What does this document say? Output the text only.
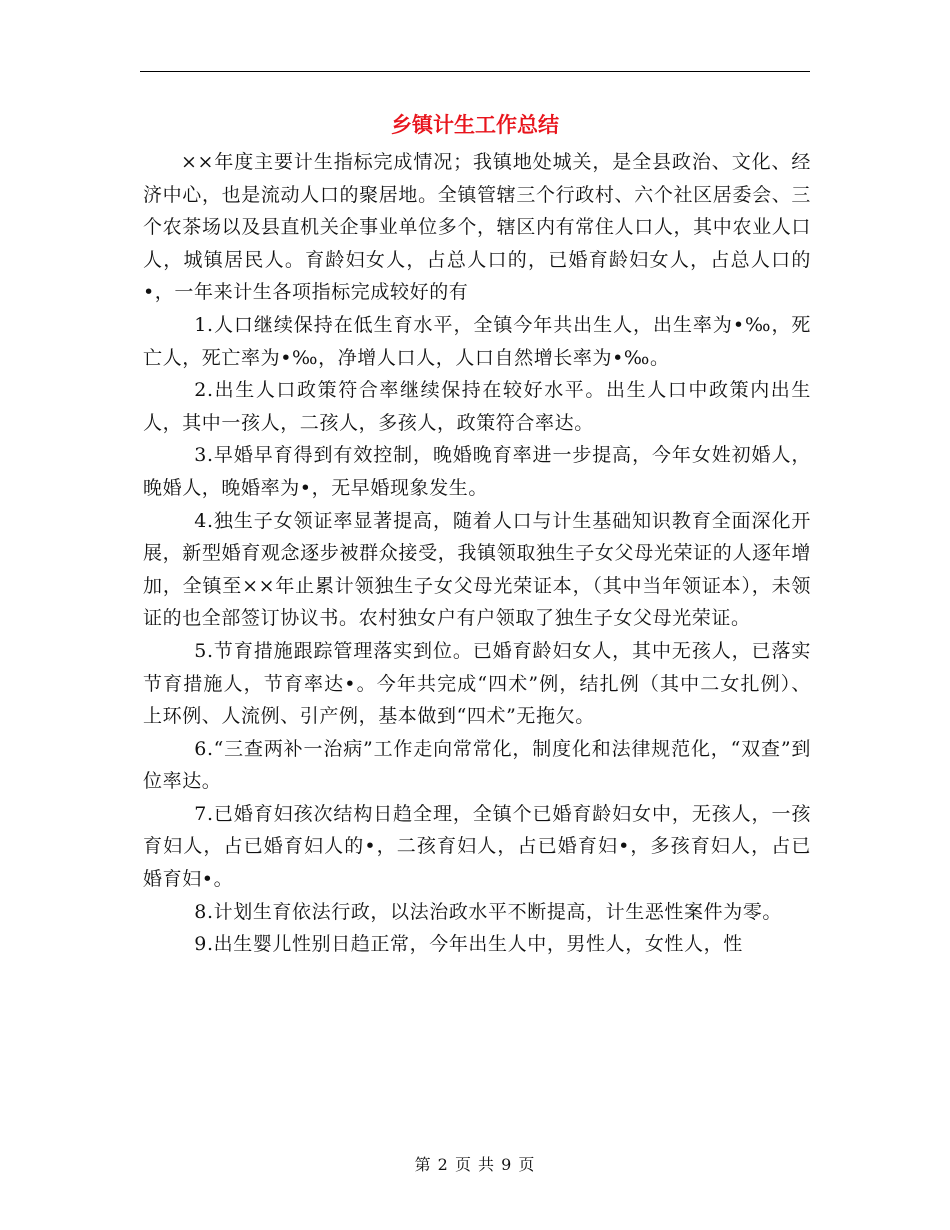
乡镇计生工作总结

××年度主要计生指标完成情况；我镇地处城关，是全县政治、文化、经济中心，也是流动人口的聚居地。全镇管辖三个行政村、六个社区居委会、三个农茶场以及县直机关企事业单位多个，辖区内有常住人口人，其中农业人口人，城镇居民人。育龄妇女人，占总人口的，已婚育龄妇女人，占总人口的•，一年来计生各项指标完成较好的有

1.人口继续保持在低生育水平，全镇今年共出生人，出生率为•‰，死亡人，死亡率为•‰，净增人口人，人口自然增长率为•‰。

2.出生人口政策符合率继续保持在较好水平。出生人口中政策内出生人，其中一孩人，二孩人，多孩人，政策符合率达。

3.早婚早育得到有效控制，晚婚晚育率进一步提高，今年女姓初婚人，晚婚人，晚婚率为•，无早婚现象发生。

4.独生子女领证率显著提高，随着人口与计生基础知识教育全面深化开展，新型婚育观念逐步被群众接受，我镇领取独生子女父母光荣证的人逐年增加，全镇至××年止累计领独生子女父母光荣证本，（其中当年领证本），未领证的也全部签订协议书。农村独女户有户领取了独生子女父母光荣证。

5.节育措施跟踪管理落实到位。已婚育龄妇女人，其中无孩人，已落实节育措施人，节育率达•。今年共完成“四术”例，结扎例（其中二女扎例）、上环例、人流例、引产例，基本做到“四术”无拖欠。

6.“三查两补一治病”工作走向常常化，制度化和法律规范化，“双查”到位率达。

7.已婚育妇孩次结构日趋全理，全镇个已婚育龄妇女中，无孩人，一孩育妇人，占已婚育妇人的•，二孩育妇人，占已婚育妇•，多孩育妇人，占已婚育妇•。

8.计划生育依法行政，以法治政水平不断提高，计生恶性案件为零。

9.出生婴儿性别日趋正常，今年出生人中，男性人，女性人，性

第 2 页 共 9 页
